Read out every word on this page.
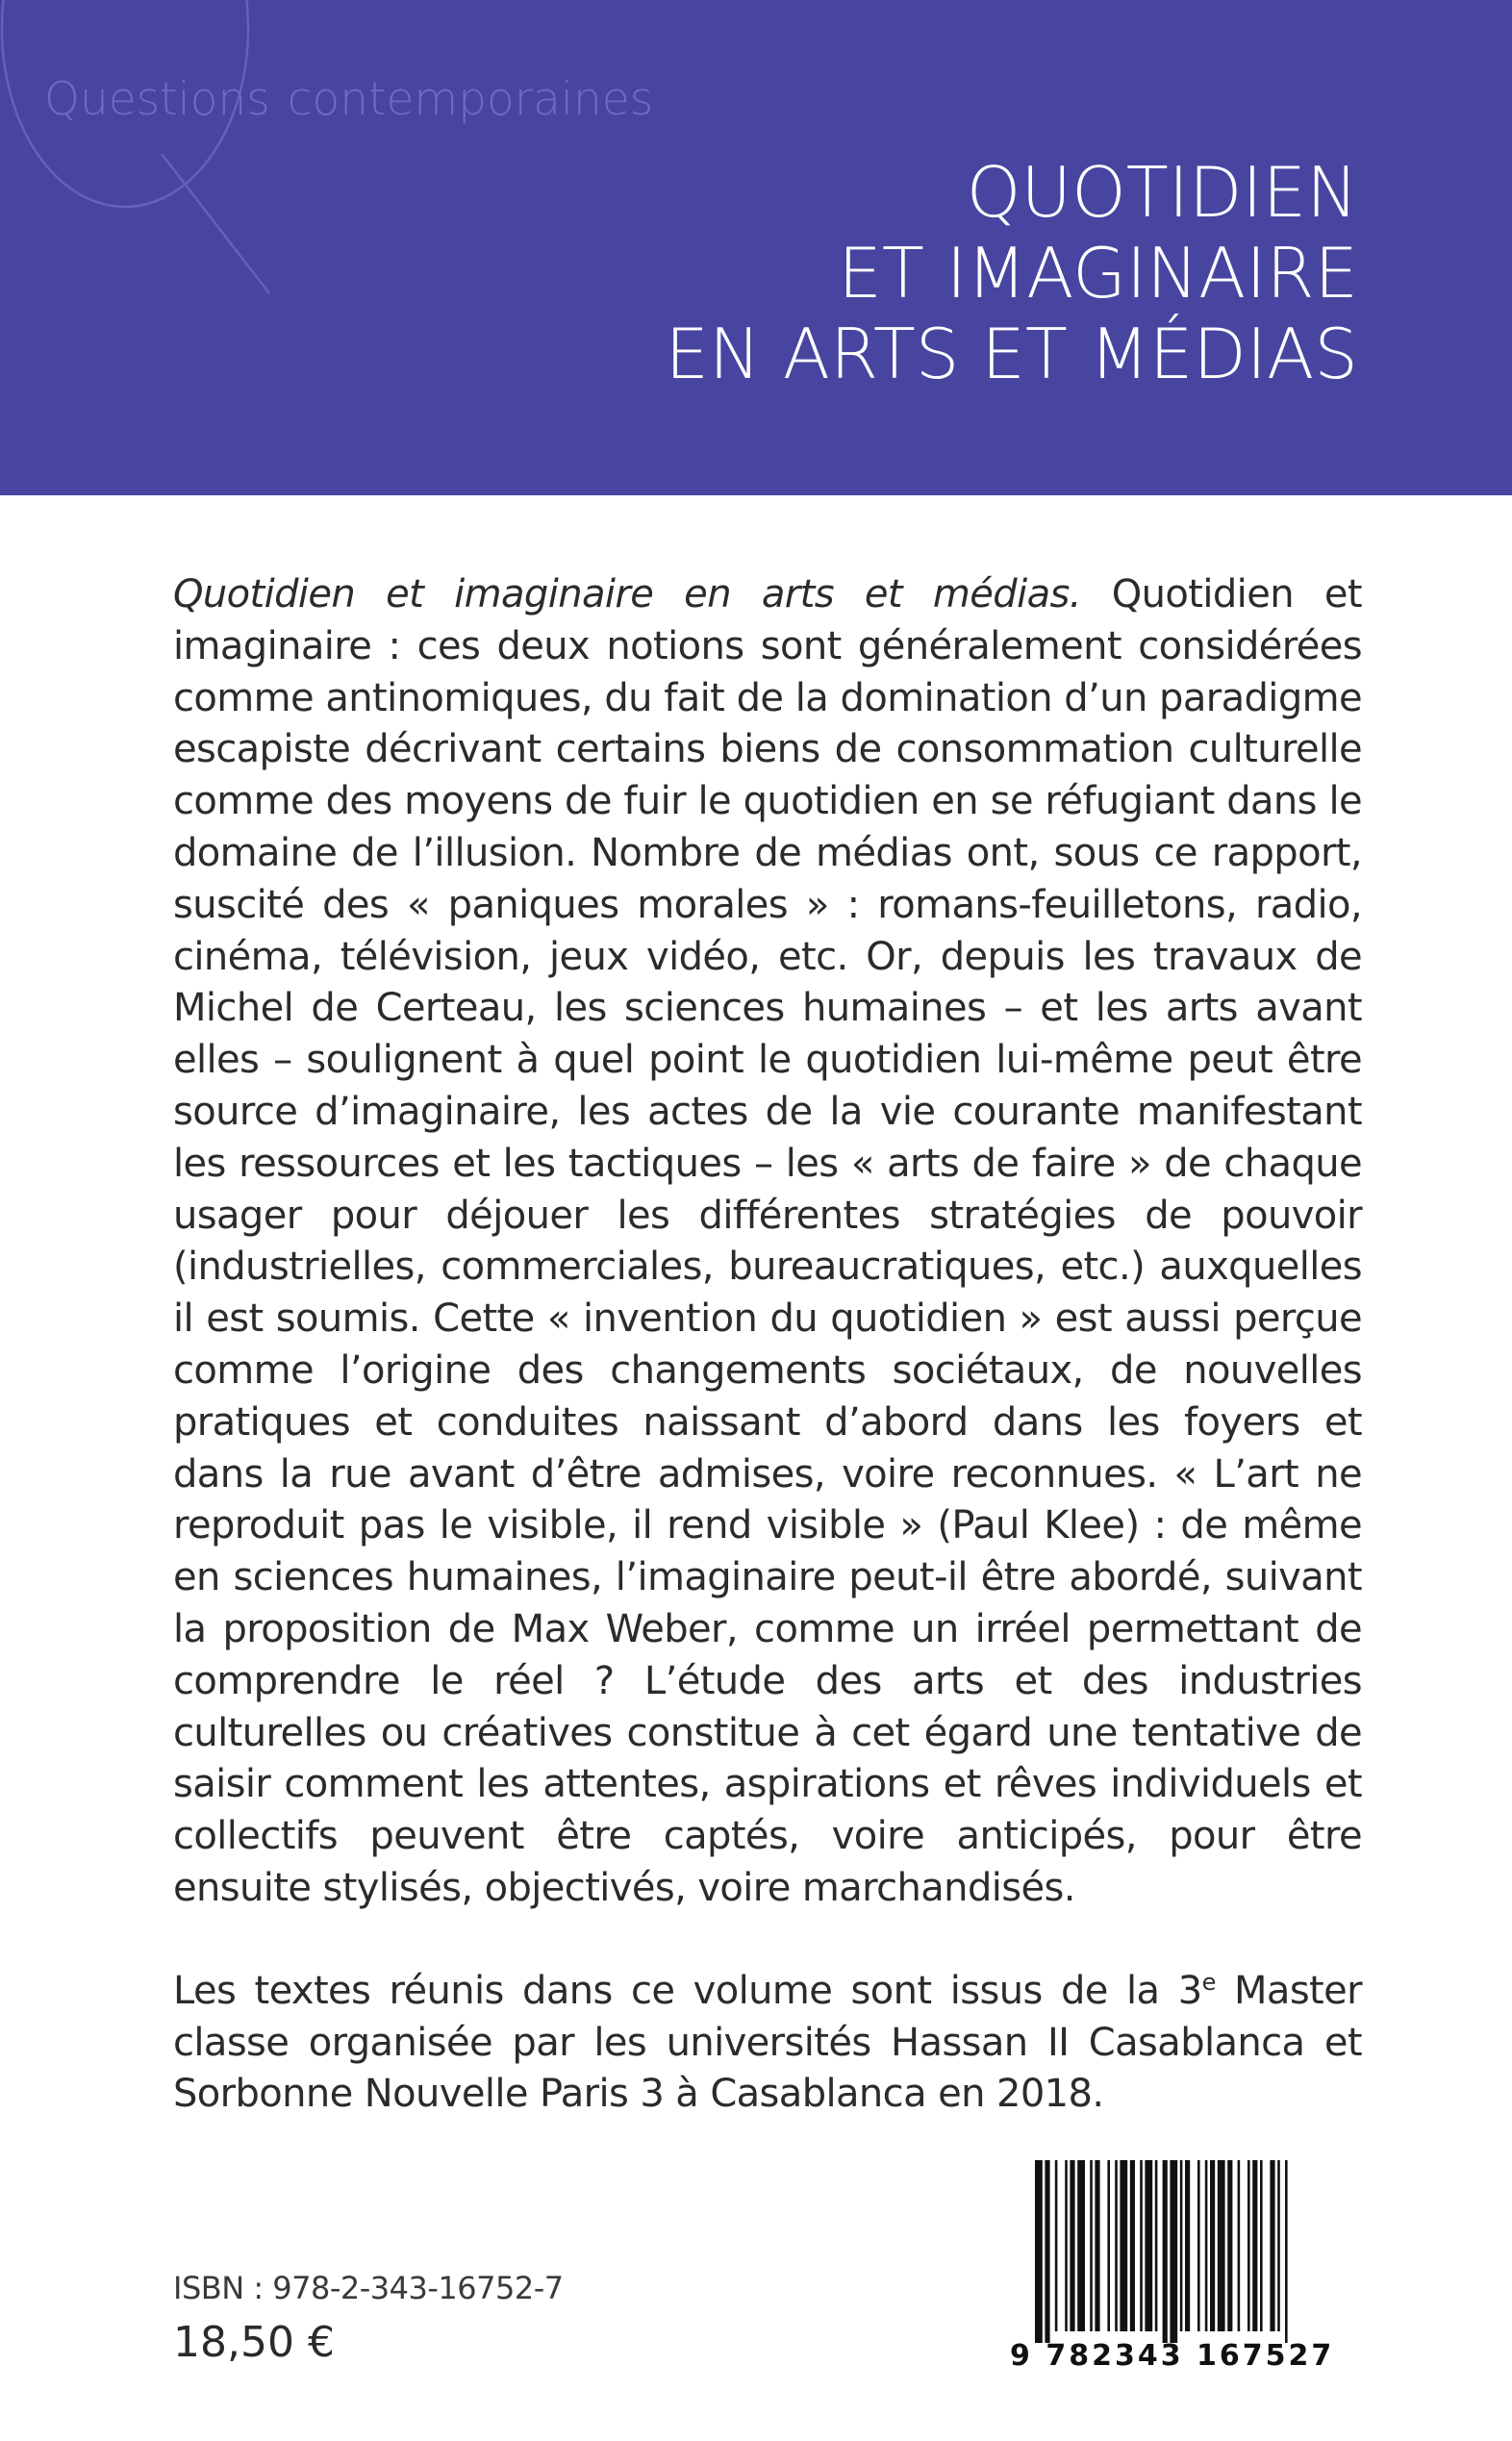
Questions contemporaines
QUOTIDIEN
ET IMAGINAIRE
EN ARTS ET MÉDIAS

Quotidien et imaginaire en arts et médias. Quotidien et imaginaire : ces deux notions sont généralement considérées comme antinomiques, du fait de la domination d’un paradigme escapiste décrivant certains biens de consommation culturelle comme des moyens de fuir le quotidien en se réfugiant dans le domaine de l’illusion. Nombre de médias ont, sous ce rapport, suscité des « paniques morales » : romans-feuilletons, radio, cinéma, télévision, jeux vidéo, etc. Or, depuis les travaux de Michel de Certeau, les sciences humaines – et les arts avant elles – soulignent à quel point le quotidien lui-même peut être source d’imaginaire, les actes de la vie courante manifestant les ressources et les tactiques – les « arts de faire » de chaque usager pour déjouer les différentes stratégies de pouvoir (industrielles, commerciales, bureaucratiques, etc.) auxquelles il est soumis. Cette « invention du quotidien » est aussi perçue comme l’origine des changements sociétaux, de nouvelles pratiques et conduites naissant d’abord dans les foyers et dans la rue avant d’être admises, voire reconnues. « L’art ne reproduit pas le visible, il rend visible » (Paul Klee) : de même en sciences humaines, l’imaginaire peut-il être abordé, suivant la proposition de Max Weber, comme un irréel permettant de comprendre le réel ? L’étude des arts et des industries culturelles ou créatives constitue à cet égard une tentative de saisir comment les attentes, aspirations et rêves individuels et collectifs peuvent être captés, voire anticipés, pour être ensuite stylisés, objectivés, voire marchandisés.

Les textes réunis dans ce volume sont issus de la 3e Master classe organisée par les universités Hassan II Casablanca et Sorbonne Nouvelle Paris 3 à Casablanca en 2018.

ISBN : 978-2-343-16752-7
18,50 €	9 782343 167527
